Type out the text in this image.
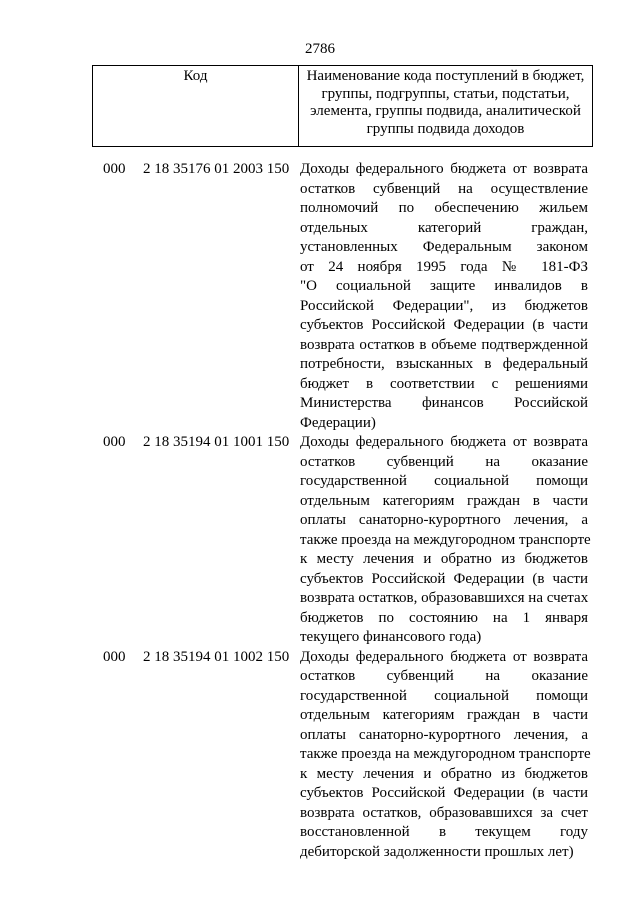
2786
Код	Наименование кода поступлений в бюджет, группы, подгруппы, статьи, подстатьи, элемента, группы подвида, аналитической группы подвида доходов
000 2 18 35176 01 2003 150 Доходы федерального бюджета от возврата
остатков субвенций на осуществление
полномочий по обеспечению жильем
отдельных категорий граждан,
установленных Федеральным законом
от 24 ноября 1995 года № 181-ФЗ
"О социальной защите инвалидов в
Российской Федерации", из бюджетов
субъектов Российской Федерации (в части
возврата остатков в объеме подтвержденной
потребности, взысканных в федеральный
бюджет в соответствии с решениями
Министерства финансов Российской
Федерации)
000 2 18 35194 01 1001 150 Доходы федерального бюджета от возврата
остатков субвенций на оказание
государственной социальной помощи
отдельным категориям граждан в части
оплаты санаторно-курортного лечения, а
также проезда на междугородном транспорте
к месту лечения и обратно из бюджетов
субъектов Российской Федерации (в части
возврата остатков, образовавшихся на счетах
бюджетов по состоянию на 1 января
текущего финансового года)
000 2 18 35194 01 1002 150 Доходы федерального бюджета от возврата
остатков субвенций на оказание
государственной социальной помощи
отдельным категориям граждан в части
оплаты санаторно-курортного лечения, а
также проезда на междугородном транспорте
к месту лечения и обратно из бюджетов
субъектов Российской Федерации (в части
возврата остатков, образовавшихся за счет
восстановленной в текущем году
дебиторской задолженности прошлых лет)
